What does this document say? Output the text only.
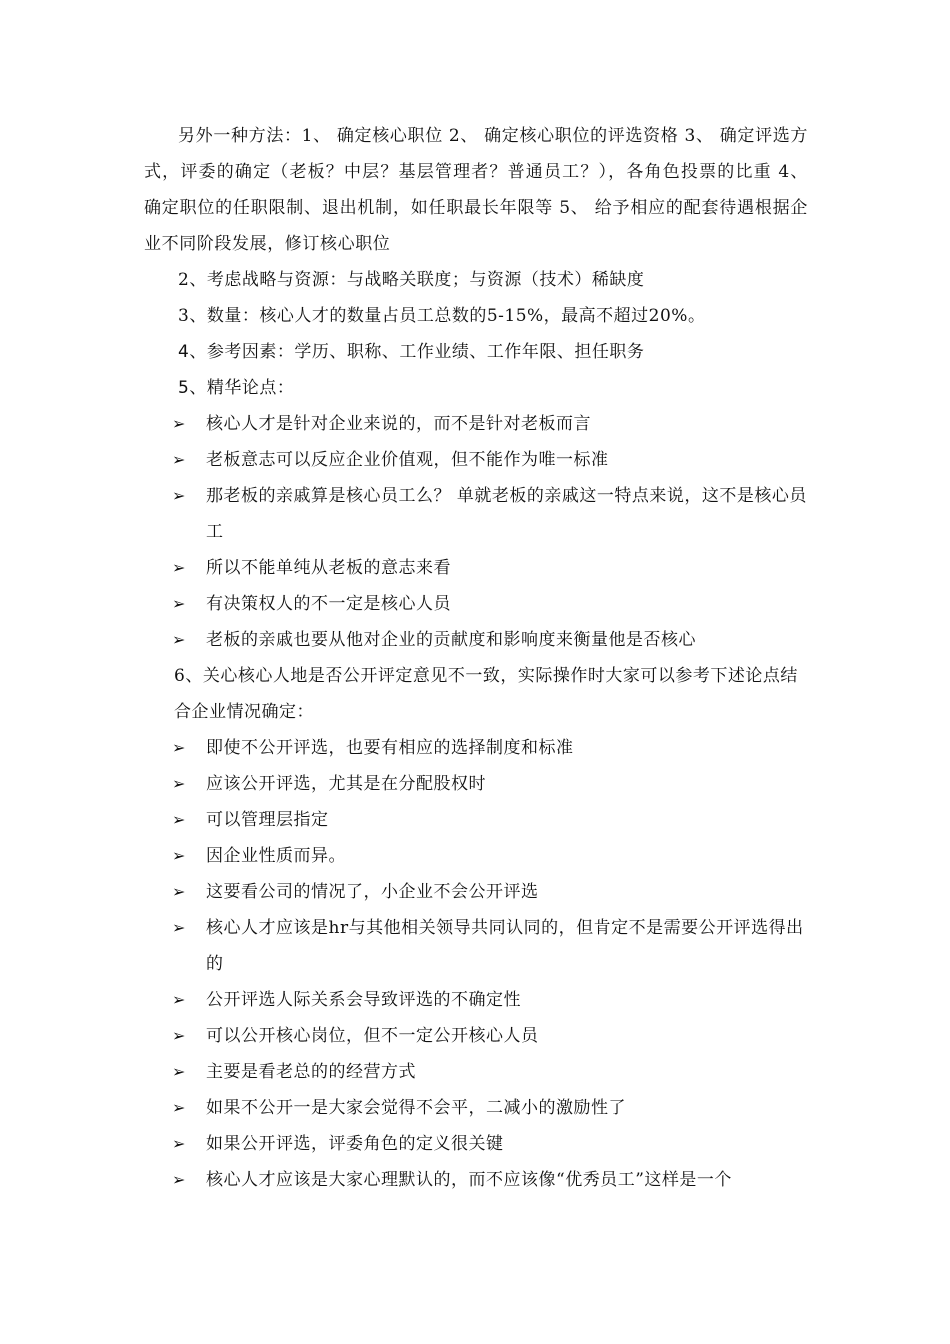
另外一种方法：1、 确定核心职位 2、 确定核心职位的评选资格 3、 确定评选方式，评委的确定（老板？中层？基层管理者？普通员工？），各角色投票的比重 4、 确定职位的任职限制、退出机制，如任职最长年限等 5、 给予相应的配套待遇根据企业不同阶段发展，修订核心职位

2、考虑战略与资源：与战略关联度；与资源（技术）稀缺度

3、数量：核心人才的数量占员工总数的5-15%，最高不超过20%。

4、参考因素：学历、职称、工作业绩、工作年限、担任职务

5、精华论点：

➢	核心人才是针对企业来说的，而不是针对老板而言
➢	老板意志可以反应企业价值观，但不能作为唯一标准
➢	那老板的亲戚算是核心员工么？ 单就老板的亲戚这一特点来说，这不是核心员工
➢	所以不能单纯从老板的意志来看
➢	有决策权人的不一定是核心人员
➢	老板的亲戚也要从他对企业的贡献度和影响度来衡量他是否核心

6、关心核心人地是否公开评定意见不一致，实际操作时大家可以参考下述论点结合企业情况确定：

➢	即使不公开评选，也要有相应的选择制度和标准
➢	应该公开评选，尤其是在分配股权时
➢	可以管理层指定
➢	因企业性质而异。
➢	这要看公司的情况了，小企业不会公开评选
➢	核心人才应该是hr与其他相关领导共同认同的，但肯定不是需要公开评选得出的
➢	公开评选人际关系会导致评选的不确定性
➢	可以公开核心岗位，但不一定公开核心人员
➢	主要是看老总的的经营方式
➢	如果不公开一是大家会觉得不会平，二减小的激励性了
➢	如果公开评选，评委角色的定义很关键
➢	核心人才应该是大家心理默认的，而不应该像“优秀员工”这样是一个
